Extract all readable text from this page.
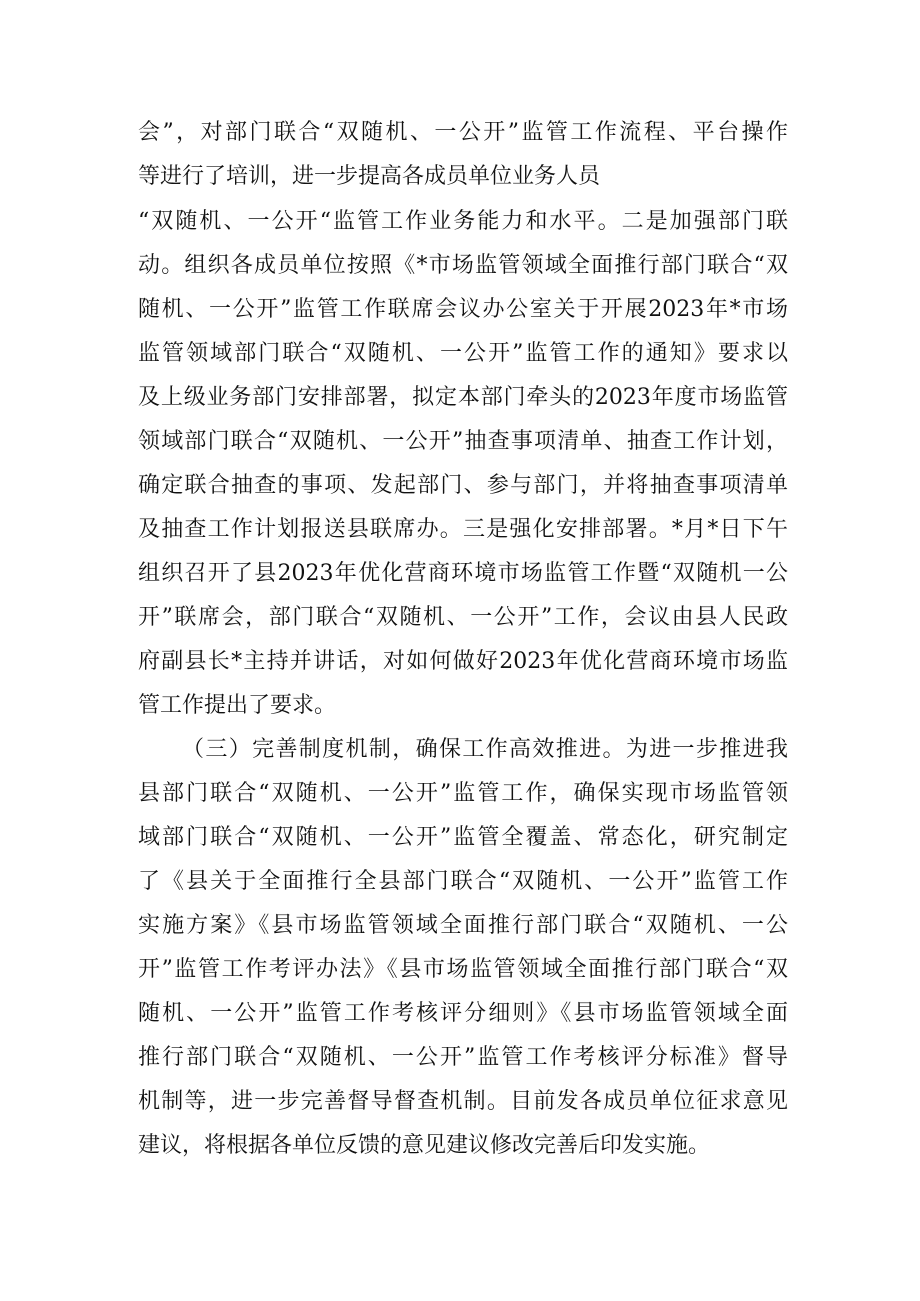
会”，对部门联合“双随机、一公开”监管工作流程、平台操作
等进行了培训，进一步提高各成员单位业务人员
“双随机、一公开“监管工作业务能力和水平。二是加强部门联
动。组织各成员单位按照《*市场监管领域全面推行部门联合“双
随机、一公开”监管工作联席会议办公室关于开展2023年*市场
监管领域部门联合“双随机、一公开”监管工作的通知》要求以
及上级业务部门安排部署，拟定本部门牵头的2023年度市场监管
领域部门联合“双随机、一公开”抽查事项清单、抽查工作计划，
确定联合抽查的事项、发起部门、参与部门，并将抽查事项清单
及抽查工作计划报送县联席办。三是强化安排部署。*月*日下午
组织召开了县2023年优化营商环境市场监管工作暨“双随机一公
开”联席会，部门联合“双随机、一公开”工作，会议由县人民政
府副县长*主持并讲话，对如何做好2023年优化营商环境市场监
管工作提出了要求。
（三）完善制度机制，确保工作高效推进。为进一步推进我
县部门联合“双随机、一公开”监管工作，确保实现市场监管领
域部门联合“双随机、一公开”监管全覆盖、常态化，研究制定
了《县关于全面推行全县部门联合“双随机、一公开”监管工作
实施方案》《县市场监管领域全面推行部门联合“双随机、一公
开”监管工作考评办法》《县市场监管领域全面推行部门联合“双
随机、一公开”监管工作考核评分细则》《县市场监管领域全面
推行部门联合“双随机、一公开”监管工作考核评分标准》督导
机制等，进一步完善督导督查机制。目前发各成员单位征求意见
建议，将根据各单位反馈的意见建议修改完善后印发实施。
